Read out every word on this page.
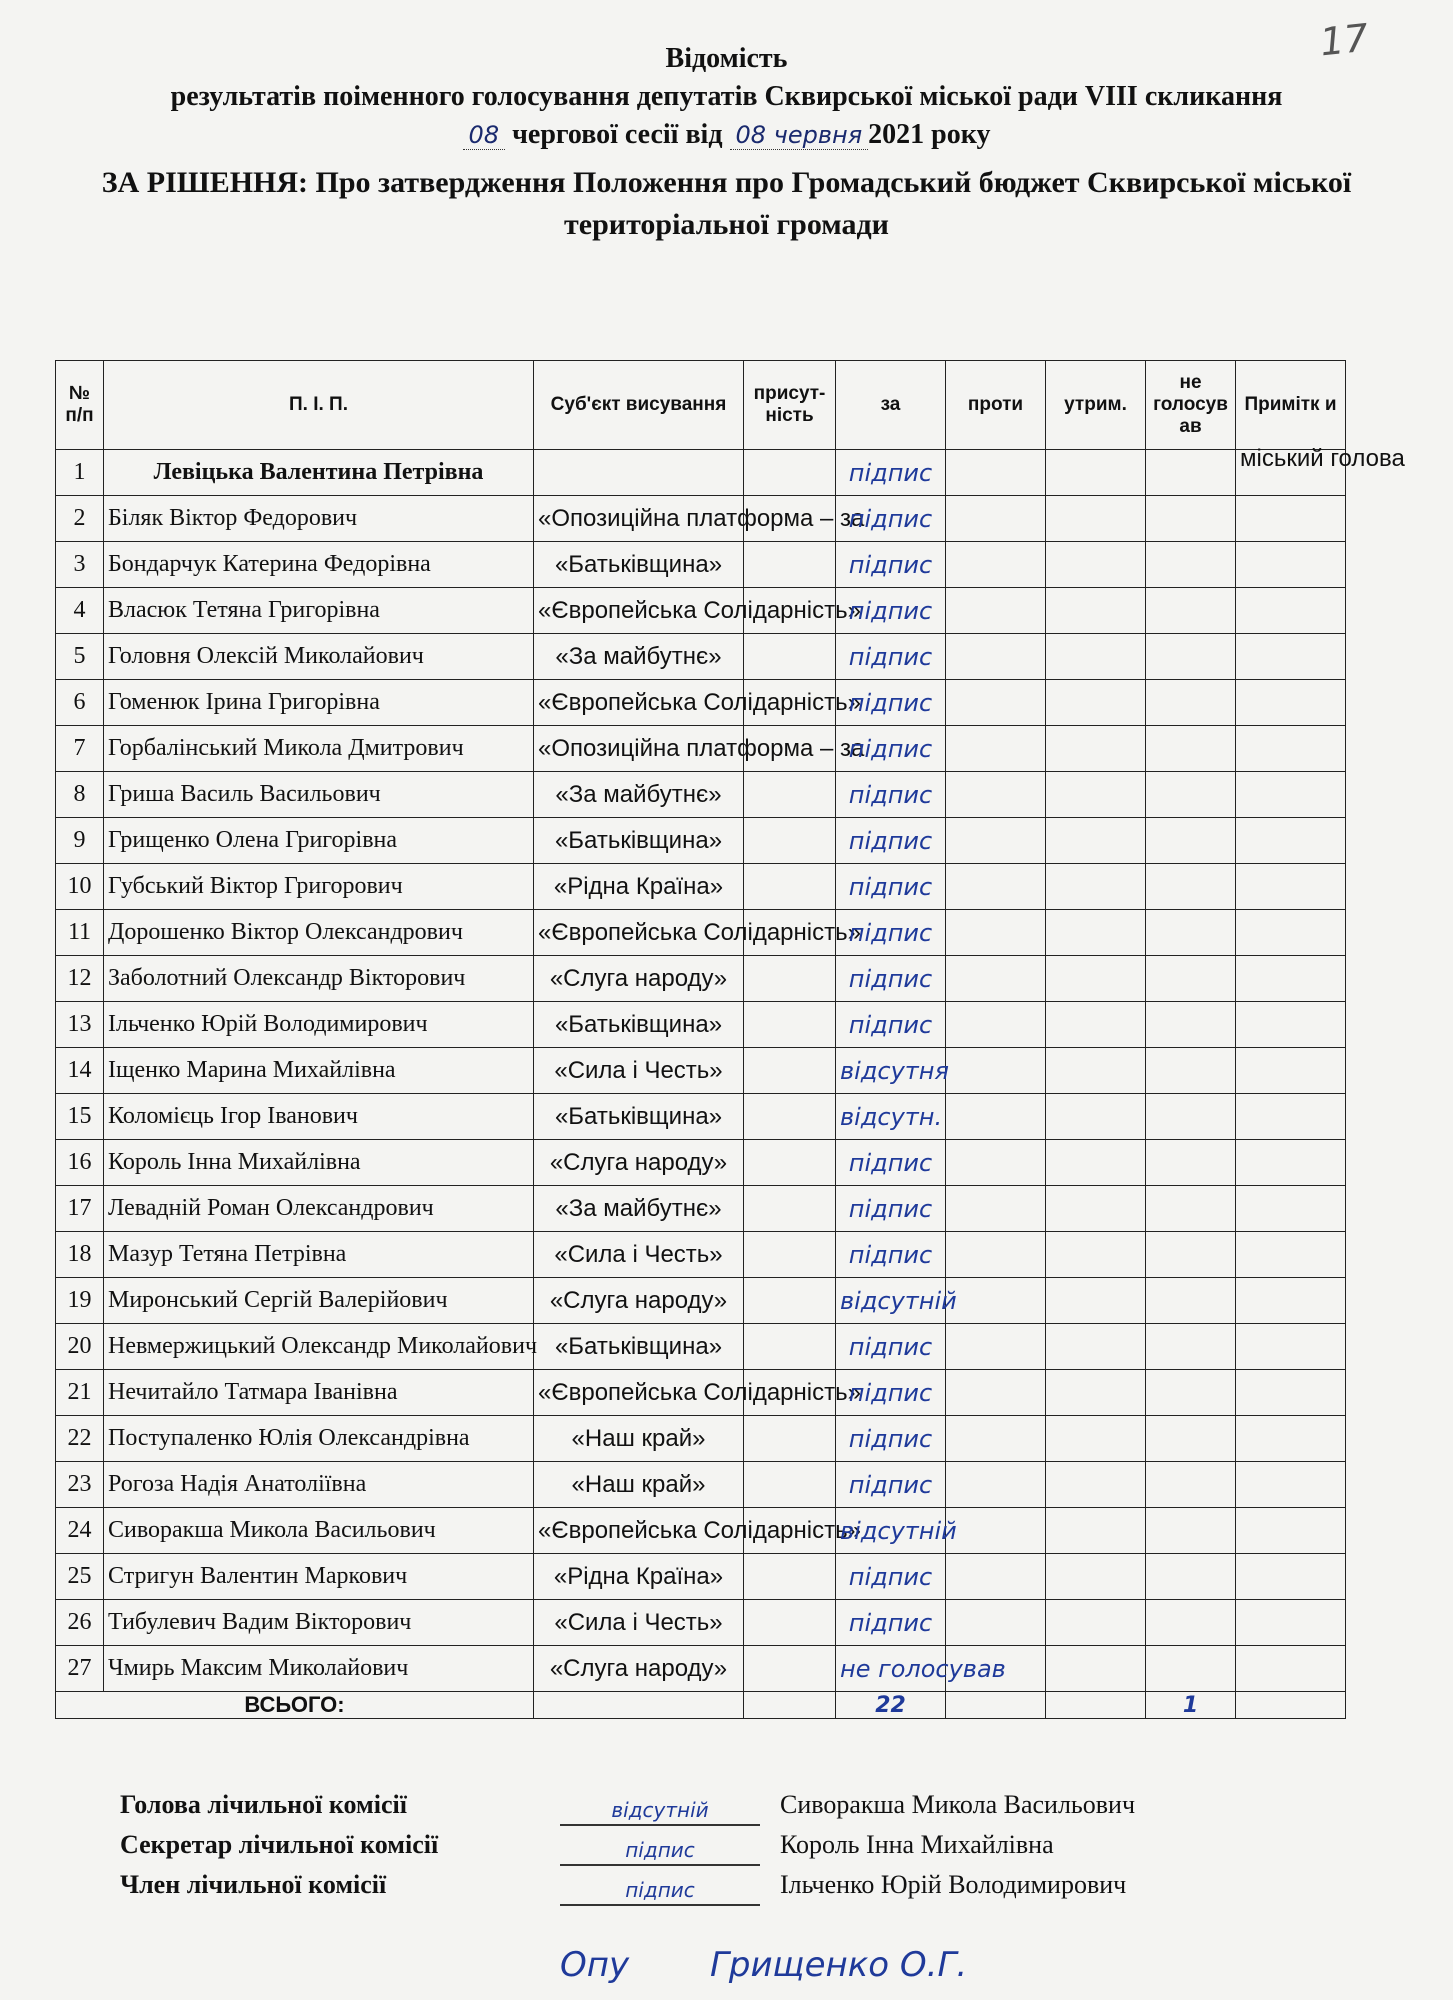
17
Відомість
результатів поіменного голосування депутатів Сквирської міської ради VIII скликання
08 чергової сесії від 08 червня 2021 року
ЗА РІШЕННЯ: Про затвердження Положення про Громадський бюджет Сквирської міської територіальної громади
№ п/п	П. І. П.	Суб'єкт висування	присут- ність	за	проти	утрим.	не голосув ав	Примітк и
1	Левіцька Валентина Петрівна			підпис				міський голова
2	Біляк Віктор Федорович	«Опозиційна платформа – за		підпис				
3	Бондарчук Катерина Федорівна	«Батьківщина»		підпис				
4	Власюк Тетяна Григорівна	«Європейська Солідарність»		підпис				
5	Головня Олексій Миколайович	«За майбутнє»		підпис				
6	Гоменюк Ірина Григорівна	«Європейська Солідарність»		підпис				
7	Горбалінський Микола Дмитрович	«Опозиційна платформа – за		підпис				
8	Гриша Василь Васильович	«За майбутнє»		підпис				
9	Грищенко Олена Григорівна	«Батьківщина»		підпис				
10	Губський Віктор Григорович	«Рідна Країна»		підпис				
11	Дорошенко Віктор Олександрович	«Європейська Солідарність»		підпис				
12	Заболотний Олександр Вікторович	«Слуга народу»		підпис				
13	Ільченко Юрій Володимирович	«Батьківщина»		підпис				
14	Іщенко Марина Михайлівна	«Сила і Честь»		відсутня				
15	Коломієць Ігор Іванович	«Батьківщина»		відсутн.				
16	Король Інна Михайлівна	«Слуга народу»		підпис				
17	Левадній Роман Олександрович	«За майбутнє»		підпис				
18	Мазур Тетяна Петрівна	«Сила і Честь»		підпис				
19	Миронський Сергій Валерійович	«Слуга народу»		відсутній				
20	Невмержицький Олександр Миколайович	«Батьківщина»		підпис				
21	Нечитайло Татмара Іванівна	«Європейська Солідарність»		підпис				
22	Поступаленко Юлія Олександрівна	«Наш край»		підпис				
23	Рогоза Надія Анатоліївна	«Наш край»		підпис				
24	Сиворакша Микола Васильович	«Європейська Солідарність»		відсутній				
25	Стригун Валентин Маркович	«Рідна Країна»		підпис				
26	Тибулевич Вадим Вікторович	«Сила і Честь»		підпис				
27	Чмирь Максим Миколайович	«Слуга народу»		не голосував				
ВСЬОГО:				22			1	
Голова лічильної комісії	відсутній	Сиворакша Микола Васильович
Секретар лічильної комісії	підпис	Король Інна Михайлівна
Член лічильної комісії	підпис	Ільченко Юрій Володимирович
Опу Грищенко О.Г.
